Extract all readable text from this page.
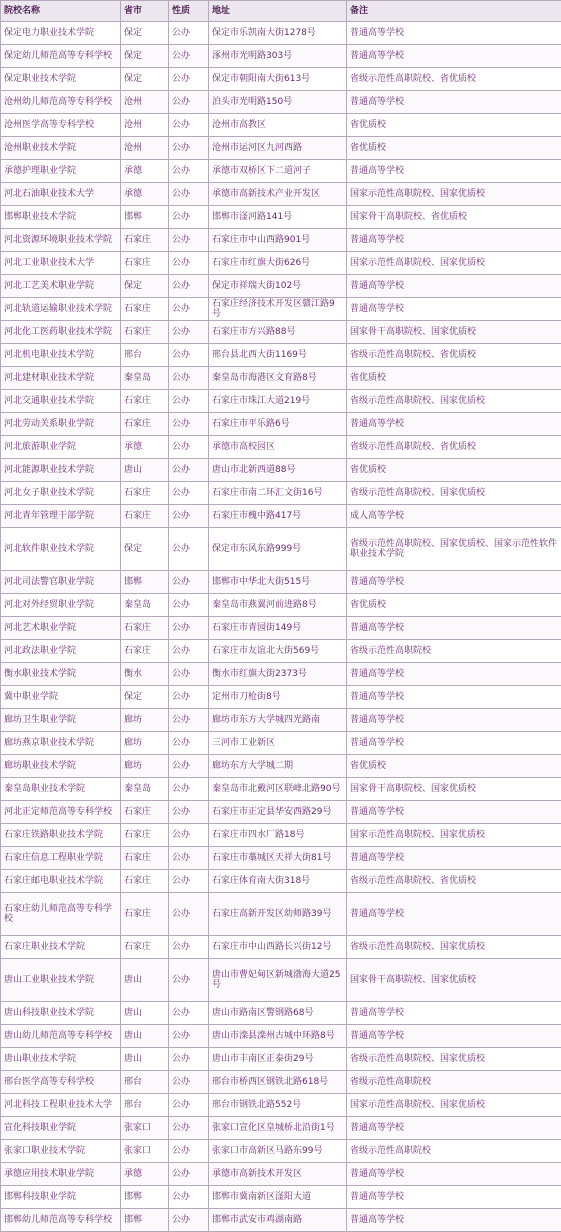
院校名称	省市	性质	地址	备注
保定电力职业技术学院	保定	公办	保定市乐凯南大街1278号	普通高等学校
保定幼儿师范高等专科学校	保定	公办	涿州市光明路303号	普通高等学校
保定职业技术学院	保定	公办	保定市朝阳南大街613号	省级示范性高职院校、省优质校
沧州幼儿师范高等专科学校	沧州	公办	泊头市光明路150号	普通高等学校
沧州医学高等专科学校	沧州	公办	沧州市高教区	省优质校
沧州职业技术学院	沧州	公办	沧州市运河区九河西路	省优质校
承德护理职业学院	承德	公办	承德市双桥区下二道河子	普通高等学校
河北石油职业技术大学	承德	公办	承德市高新技术产业开发区	国家示范性高职院校、国家优质校
邯郸职业技术学院	邯郸	公办	邯郸市滏河路141号	国家骨干高职院校、省优质校
河北资源环境职业技术学院	石家庄	公办	石家庄市中山西路901号	普通高等学校
河北工业职业技术大学	石家庄	公办	石家庄市红旗大街626号	国家示范性高职院校、国家优质校
河北工艺美术职业学院	保定	公办	保定市祥瑞大街102号	普通高等学校
河北轨道运输职业技术学院	石家庄	公办	石家庄经济技术开发区赣江路9号	普通高等学校
河北化工医药职业技术学院	石家庄	公办	石家庄市方兴路88号	国家骨干高职院校、国家优质校
河北机电职业技术学院	邢台	公办	邢台县北西大街1169号	省级示范性高职院校、省优质校
河北建材职业技术学院	秦皇岛	公办	秦皇岛市海港区文育路8号	省优质校
河北交通职业技术学院	石家庄	公办	石家庄市珠江大道219号	省级示范性高职院校、国家优质校
河北劳动关系职业学院	石家庄	公办	石家庄市平乐路6号	普通高等学校
河北旅游职业学院	承德	公办	承德市高校园区	省级示范性高职院校、省优质校
河北能源职业技术学院	唐山	公办	唐山市北新西道88号	省优质校
河北女子职业技术学院	石家庄	公办	石家庄市南二环汇文街16号	省级示范性高职院校、国家优质校
河北青年管理干部学院	石家庄	公办	石家庄市槐中路417号	成人高等学校
河北软件职业技术学院	保定	公办	保定市东风东路999号	省级示范性高职院校、国家优质校、国家示范性软件职业技术学院
河北司法警官职业学院	邯郸	公办	邯郸市中华北大街515号	普通高等学校
河北对外经贸职业学院	秦皇岛	公办	秦皇岛市燕翼河前进路8号	省优质校
河北艺术职业学院	石家庄	公办	石家庄市青园街149号	普通高等学校
河北政法职业学院	石家庄	公办	石家庄市友谊北大街569号	省级示范性高职院校
衡水职业技术学院	衡水	公办	衡水市红旗大街2373号	普通高等学校
冀中职业学院	保定	公办	定州市刀枪街8号	普通高等学校
廊坊卫生职业学院	廊坊	公办	廊坊市东方大学城四光路南	普通高等学校
廊坊燕京职业技术学院	廊坊	公办	三河市工业新区	普通高等学校
廊坊职业技术学院	廊坊	公办	廊坊东方大学城二期	省优质校
秦皇岛职业技术学院	秦皇岛	公办	秦皇岛市北戴河区联峰北路90号	国家骨干高职院校、国家优质校
河北正定师范高等专科学校	石家庄	公办	石家庄市正定县华安西路29号	普通高等学校
石家庄铁路职业技术学院	石家庄	公办	石家庄市四水厂路18号	国家示范性高职院校、国家优质校
石家庄信息工程职业学院	石家庄	公办	石家庄市藁城区天祥大街81号	普通高等学校
石家庄邮电职业技术学院	石家庄	公办	石家庄体育南大街318号	省级示范性高职院校、省优质校
石家庄幼儿师范高等专科学校	石家庄	公办	石家庄高新开发区幼师路39号	普通高等学校
石家庄职业技术学院	石家庄	公办	石家庄市中山西路长兴街12号	省级示范性高职院校、国家优质校
唐山工业职业技术学院	唐山	公办	唐山市曹妃甸区新城渤海大道25号	国家骨干高职院校、国家优质校
唐山科技职业技术学院	唐山	公办	唐山市路南区警钢路68号	普通高等学校
唐山幼儿师范高等专科学校	唐山	公办	唐山市滦县滦州古城中环路8号	普通高等学校
唐山职业技术学院	唐山	公办	唐山市丰南区正泰街29号	省级示范性高职院校、国家优质校
邢台医学高等专科学校	邢台	公办	邢台市桥西区钢铁北路618号	省级示范性高职院校
河北科技工程职业技术大学	邢台	公办	邢台市钢铁北路552号	国家示范性高职院校、国家优质校
宣化科技职业学院	张家口	公办	张家口宣化区皇城桥北沿街1号	普通高等学校
张家口职业技术学院	张家口	公办	张家口市高新区马路东99号	省级示范性高职院校
承德应用技术职业学院	承德	公办	承德市高新技术开发区	普通高等学校
邯郸科技职业学院	邯郸	公办	邯郸市冀南新区滏阳大道	普通高等学校
邯郸幼儿师范高等专科学校	邯郸	公办	邯郸市武安市鸡湖南路	普通高等学校
